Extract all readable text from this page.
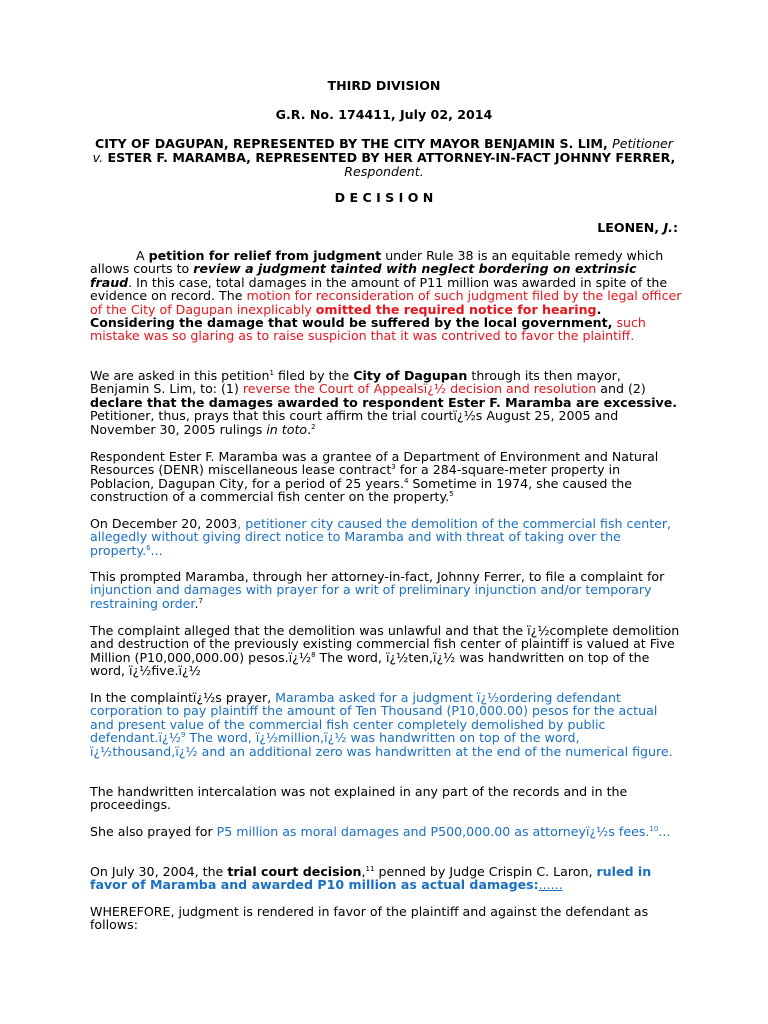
THIRD DIVISION
G.R. No. 174411, July 02, 2014
CITY OF DAGUPAN, REPRESENTED BY THE CITY MAYOR BENJAMIN S. LIM, Petitioner v. ESTER F. MARAMBA, REPRESENTED BY HER ATTORNEY-IN-FACT JOHNNY FERRER, Respondent.
D E C I S I O N
LEONEN, J.:
A petition for relief from judgment under Rule 38 is an equitable remedy which allows courts to review a judgment tainted with neglect bordering on extrinsic fraud. In this case, total damages in the amount of P11 million was awarded in spite of the evidence on record. The motion for reconsideration of such judgment filed by the legal officer of the City of Dagupan inexplicably omitted the required notice for hearing. Considering the damage that would be suffered by the local government, such mistake was so glaring as to raise suspicion that it was contrived to favor the plaintiff.
We are asked in this petition$^1$ filed by the City of Dagupan through its then mayor, Benjamin S. Lim, to: (1) reverse the Court of Appealsï¿½ decision and resolution and (2) declare that the damages awarded to respondent Ester F. Maramba are excessive. Petitioner, thus, prays that this court affirm the trial courtï¿½s August 25, 2005 and November 30, 2005 rulings in toto.$^2$
Respondent Ester F. Maramba was a grantee of a Department of Environment and Natural Resources (DENR) miscellaneous lease contract$^3$ for a 284-square-meter property in Poblacion, Dagupan City, for a period of 25 years.$^4$ Sometime in 1974, she caused the construction of a commercial fish center on the property.$^5$
On December 20, 2003, petitioner city caused the demolition of the commercial fish center, allegedly without giving direct notice to Maramba and with threat of taking over the property.$^6$...
This prompted Maramba, through her attorney-in-fact, Johnny Ferrer, to file a complaint for injunction and damages with prayer for a writ of preliminary injunction and/or temporary restraining order.$^7$
The complaint alleged that the demolition was unlawful and that the ï¿½complete demolition and destruction of the previously existing commercial fish center of plaintiff is valued at Five Million (P10,000,000.00) pesos.ï¿½$^8$ The word, ï¿½ten,ï¿½ was handwritten on top of the word, ï¿½five.ï¿½
In the complaintï¿½s prayer, Maramba asked for a judgment ï¿½ordering defendant corporation to pay plaintiff the amount of Ten Thousand (P10,000.00) pesos for the actual and present value of the commercial fish center completely demolished by public defendant.ï¿½$^9$ The word, ï¿½million,ï¿½ was handwritten on top of the word, ï¿½thousand,ï¿½ and an additional zero was handwritten at the end of the numerical figure.
The handwritten intercalation was not explained in any part of the records and in the proceedings.
She also prayed for P5 million as moral damages and P500,000.00 as attorneyï¿½s fees.$^{10}$...
On July 30, 2004, the trial court decision,$^{11}$ penned by Judge Crispin C. Laron, ruled in favor of Maramba and awarded P10 million as actual damages:......
WHEREFORE, judgment is rendered in favor of the plaintiff and against the defendant as follows:
